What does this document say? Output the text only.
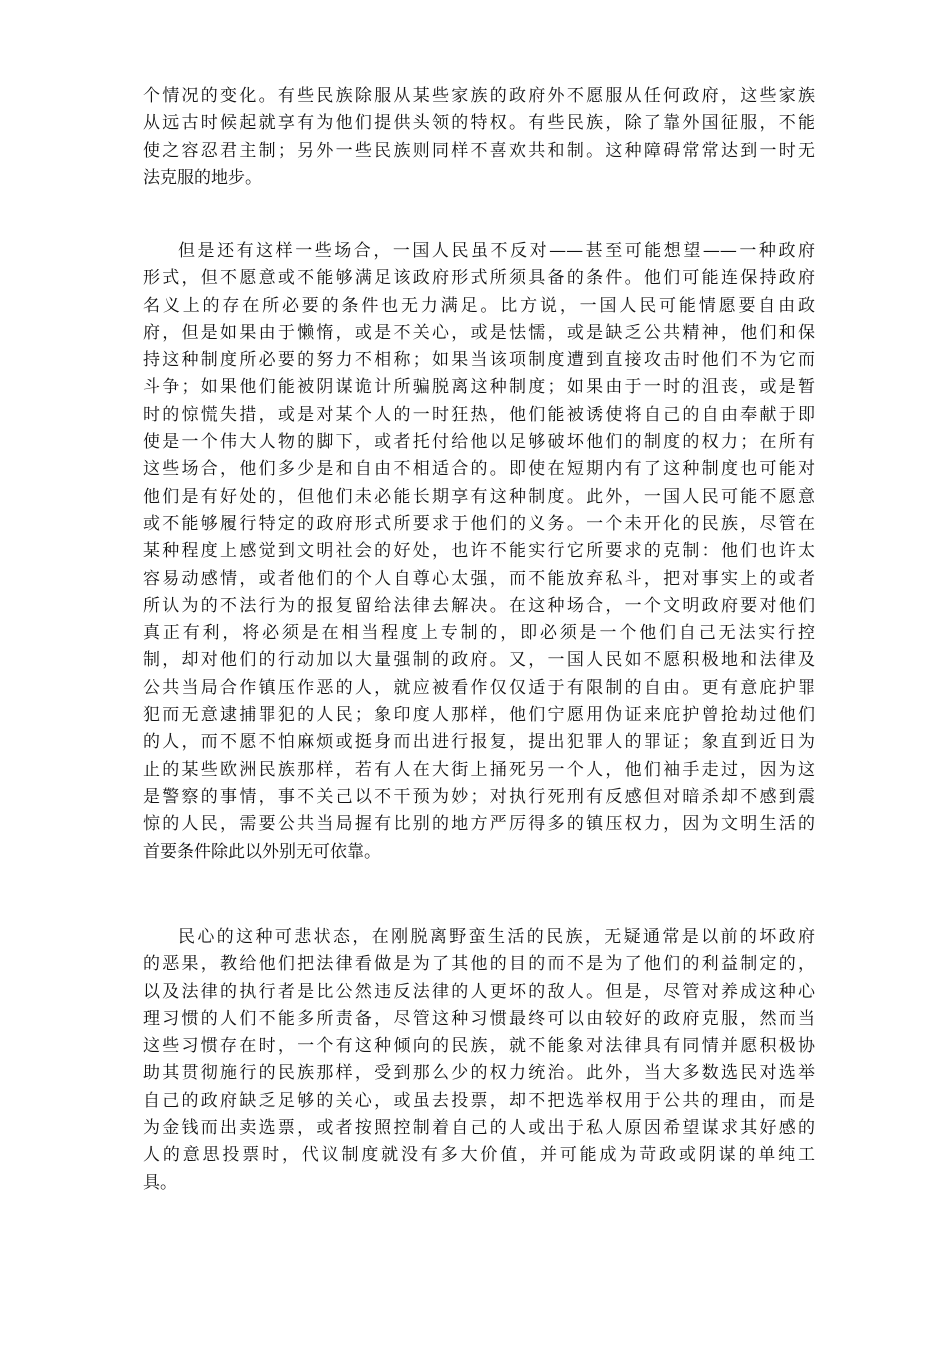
个情况的变化。有些民族除服从某些家族的政府外不愿服从任何政府，这些家族
从远古时候起就享有为他们提供头领的特权。有些民族，除了靠外国征服，不能
使之容忍君主制；另外一些民族则同样不喜欢共和制。这种障碍常常达到一时无
法克服的地步。
但是还有这样一些场合，一国人民虽不反对——甚至可能想望——一种政府
形式，但不愿意或不能够满足该政府形式所须具备的条件。他们可能连保持政府
名义上的存在所必要的条件也无力满足。比方说，一国人民可能情愿要自由政
府，但是如果由于懒惰，或是不关心，或是怯懦，或是缺乏公共精神，他们和保
持这种制度所必要的努力不相称；如果当该项制度遭到直接攻击时他们不为它而
斗争；如果他们能被阴谋诡计所骗脱离这种制度；如果由于一时的沮丧，或是暂
时的惊慌失措，或是对某个人的一时狂热，他们能被诱使将自己的自由奉献于即
使是一个伟大人物的脚下，或者托付给他以足够破坏他们的制度的权力；在所有
这些场合，他们多少是和自由不相适合的。即使在短期内有了这种制度也可能对
他们是有好处的，但他们未必能长期享有这种制度。此外，一国人民可能不愿意
或不能够履行特定的政府形式所要求于他们的义务。一个未开化的民族，尽管在
某种程度上感觉到文明社会的好处，也许不能实行它所要求的克制：他们也许太
容易动感情，或者他们的个人自尊心太强，而不能放弃私斗，把对事实上的或者
所认为的不法行为的报复留给法律去解决。在这种场合，一个文明政府要对他们
真正有利，将必须是在相当程度上专制的，即必须是一个他们自己无法实行控
制，却对他们的行动加以大量强制的政府。又，一国人民如不愿积极地和法律及
公共当局合作镇压作恶的人，就应被看作仅仅适于有限制的自由。更有意庇护罪
犯而无意逮捕罪犯的人民；象印度人那样，他们宁愿用伪证来庇护曾抢劫过他们
的人，而不愿不怕麻烦或挺身而出进行报复，提出犯罪人的罪证；象直到近日为
止的某些欧洲民族那样，若有人在大街上捅死另一个人，他们袖手走过，因为这
是警察的事情，事不关己以不干预为妙；对执行死刑有反感但对暗杀却不感到震
惊的人民，需要公共当局握有比别的地方严厉得多的镇压权力，因为文明生活的
首要条件除此以外别无可依靠。
民心的这种可悲状态，在刚脱离野蛮生活的民族，无疑通常是以前的坏政府
的恶果，教给他们把法律看做是为了其他的目的而不是为了他们的利益制定的，
以及法律的执行者是比公然违反法律的人更坏的敌人。但是，尽管对养成这种心
理习惯的人们不能多所责备，尽管这种习惯最终可以由较好的政府克服，然而当
这些习惯存在时，一个有这种倾向的民族，就不能象对法律具有同情并愿积极协
助其贯彻施行的民族那样，受到那么少的权力统治。此外，当大多数选民对选举
自己的政府缺乏足够的关心，或虽去投票，却不把选举权用于公共的理由，而是
为金钱而出卖选票，或者按照控制着自己的人或出于私人原因希望谋求其好感的
人的意思投票时，代议制度就没有多大价值，并可能成为苛政或阴谋的单纯工
具。
